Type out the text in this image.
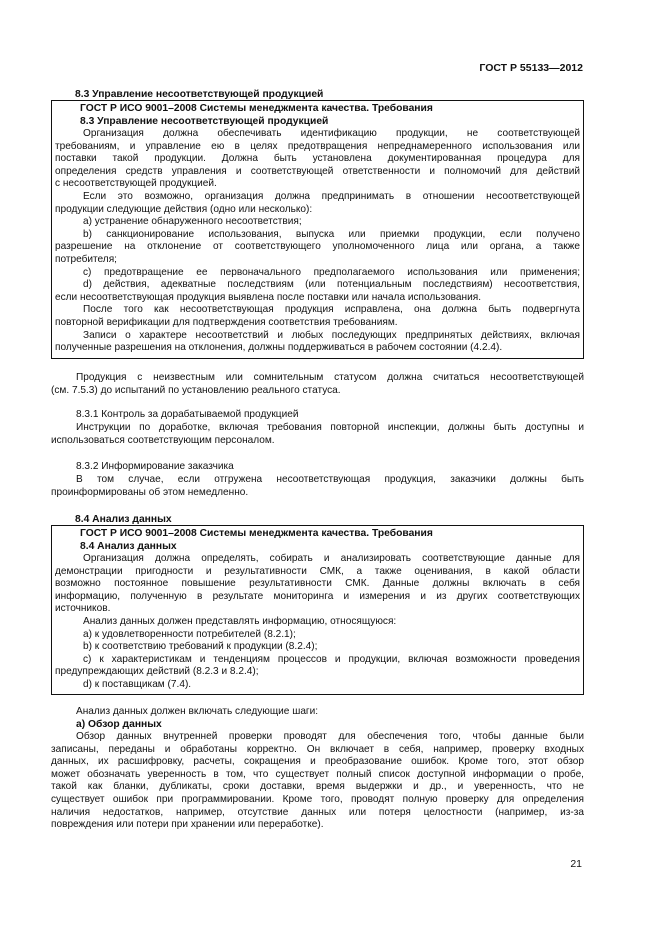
ГОСТ Р 55133—2012
8.3 Управление несоответствующей продукцией
ГОСТ Р ИСО 9001–2008 Системы менеджмента качества. Требования
8.3 Управление несоответствующей продукцией
Организация должна обеспечивать идентификацию продукции, не соответствующей
требованиям, и управление ею в целях предотвращения непреднамеренного использования или
поставки такой продукции. Должна быть установлена документированная процедура для
определения средств управления и соответствующей ответственности и полномочий для действий
с несоответствующей продукцией.
Если это возможно, организация должна предпринимать в отношении несоответствующей
продукции следующие действия (одно или несколько):
а) устранение обнаруженного несоответствия;
b) санкционирование использования, выпуска или приемки продукции, если получено
разрешение на отклонение от соответствующего уполномоченного лица или органа, а также
потребителя;
с) предотвращение ее первоначального предполагаемого использования или применения;
d) действия, адекватные последствиям (или потенциальным последствиям) несоответствия,
если несоответствующая продукция выявлена после поставки или начала использования.
После того как несоответствующая продукция исправлена, она должна быть подвергнута
повторной верификации для подтверждения соответствия требованиям.
Записи о характере несоответствий и любых последующих предпринятых действиях, включая
полученные разрешения на отклонения, должны поддерживаться в рабочем состоянии (4.2.4).
Продукция с неизвестным или сомнительным статусом должна считаться несоответствующей
(см. 7.5.3) до испытаний по установлению реального статуса.
8.3.1 Контроль за дорабатываемой продукцией
Инструкции по доработке, включая требования повторной инспекции, должны быть доступны и
использоваться соответствующим персоналом.
8.3.2 Информирование заказчика
В том случае, если отгружена несоответствующая продукция, заказчики должны быть
проинформированы об этом немедленно.
8.4 Анализ данных
ГОСТ Р ИСО 9001–2008 Системы менеджмента качества. Требования
8.4 Анализ данных
Организация должна определять, собирать и анализировать соответствующие данные для
демонстрации пригодности и результативности СМК, а также оценивания, в какой области
возможно постоянное повышение результативности СМК. Данные должны включать в себя
информацию, полученную в результате мониторинга и измерения и из других соответствующих
источников.
Анализ данных должен представлять информацию, относящуюся:
а) к удовлетворенности потребителей (8.2.1);
b) к соответствию требований к продукции (8.2.4);
с) к характеристикам и тенденциям процессов и продукции, включая возможности проведения
предупреждающих действий (8.2.3 и 8.2.4);
d) к поставщикам (7.4).
Анализ данных должен включать следующие шаги:
а) Обзор данных
Обзор данных внутренней проверки проводят для обеспечения того, чтобы данные были
записаны, переданы и обработаны корректно. Он включает в себя, например, проверку входных
данных, их расшифровку, расчеты, сокращения и преобразование ошибок. Кроме того, этот обзор
может обозначать уверенность в том, что существует полный список доступной информации о пробе,
такой как бланки, дубликаты, сроки доставки, время выдержки и др., и уверенность, что не
существует ошибок при программировании. Кроме того, проводят полную проверку для определения
наличия недостатков, например, отсутствие данных или потеря целостности (например, из-за
повреждения или потери при хранении или переработке).
21
